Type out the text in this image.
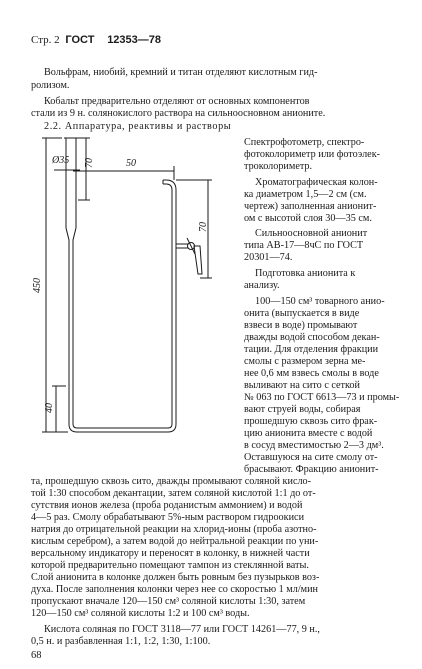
Стр. 2 ГОСТ 12353—78
Ø35 70
450
40
50
70
Вольфрам, ниобий, кремний и титан отделяют кислотным гид-
ролизом.
Кобальт предварительно отделяют от основных компонентов
стали из 9 н. солянокислого раствора на сильноосновном анионите.
2.2. Аппаратура, реактивы и растворы
Спектрофотометр, спектро-
фотоколориметр или фотоэлек-
троколориметр.
Хроматографическая колон-
ка диаметром 1,5—2 см (см.
чертеж) заполненная анионит-
ом с высотой слоя 30—35 см.
Сильноосновной анионит
типа АВ-17—8чС по ГОСТ
20301—74.
Подготовка анионита к
анализу.
100—150 см³ товарного анио-
онита (выпускается в виде
взвеси в воде) промывают
дважды водой способом декан-
тации. Для отделения фракции
смолы с размером зерна ме-
нее 0,6 мм взвесь смолы в воде
выливают на сито с сеткой
№ 063 по ГОСТ 6613—73 и промы-
вают струей воды, собирая
прошедшую сквозь сито фрак-
цию анионита вместе с водой
в сосуд вместимостью 2—3 дм³.
Оставшуюся на сите смолу от-
брасывают. Фракцию анионит-
та, прошедшую сквозь сито, дважды промывают соляной кисло-
той 1:30 способом декантации, затем соляной кислотой 1:1 до от-
сутствия ионов железа (проба роданистым аммонием) и водой
4—5 раз. Смолу обрабатывают 5%-ным раствором гидроокиси
натрия до отрицательной реакции на хлорид-ионы (проба азотно-
кислым серебром), а затем водой до нейтральной реакции по уни-
версальному индикатору и переносят в колонку, в нижней части
которой предварительно помещают тампон из стеклянной ваты.
Слой анионита в колонке должен быть ровным без пузырьков воз-
духа. После заполнения колонки через нее со скоростью 1 мл/мин
пропускают вначале 120—150 см³ соляной кислоты 1:30, затем
120—150 см³ соляной кислоты 1:2 и 100 см³ воды.
Кислота соляная по ГОСТ 3118—77 или ГОСТ 14261—77, 9 н.,
0,5 н. и разбавленная 1:1, 1:2, 1:30, 1:100.
68
